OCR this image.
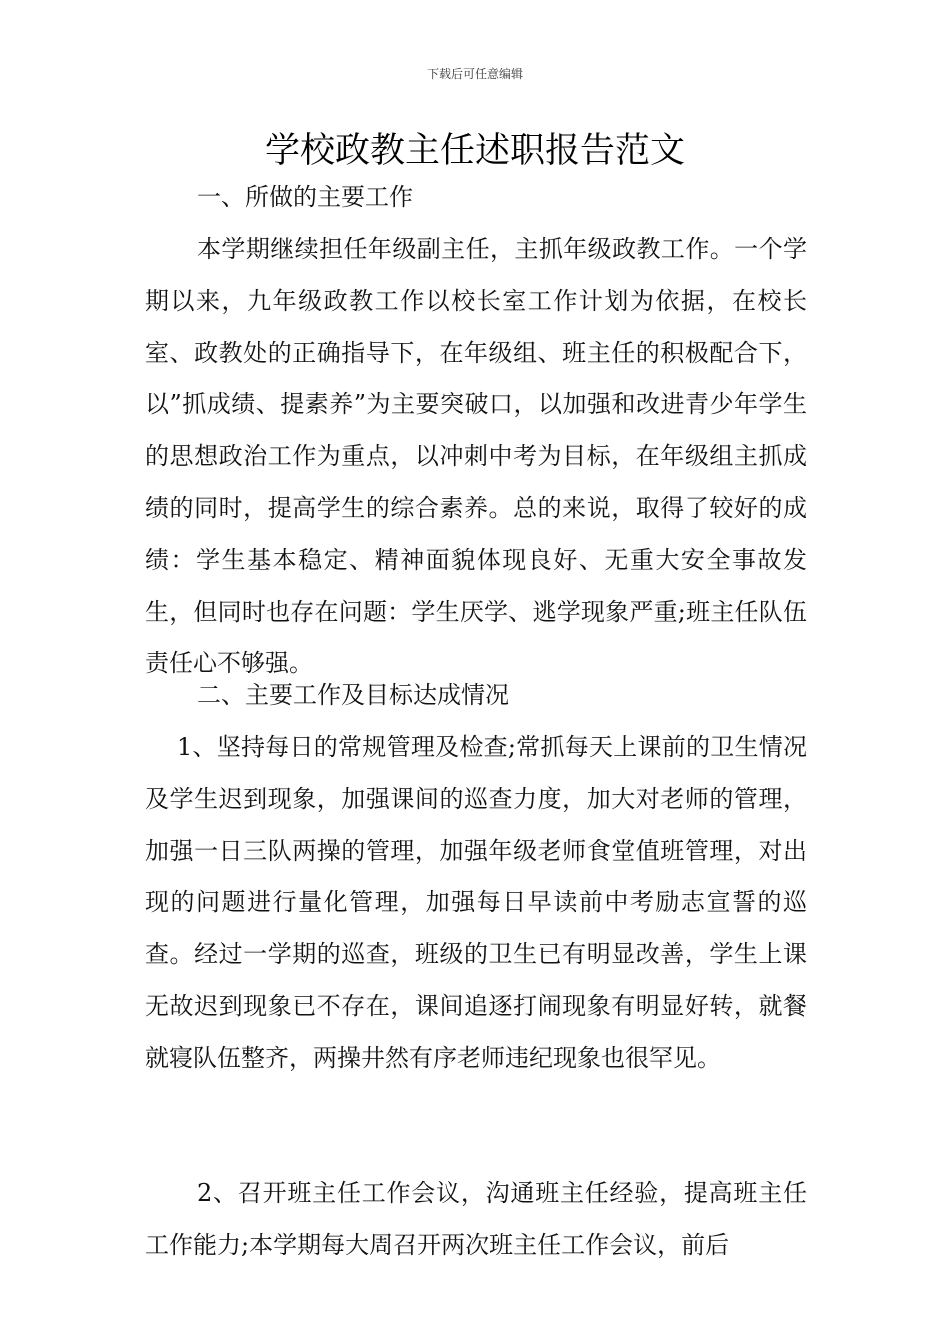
下载后可任意编辑
学校政教主任述职报告范文

一、所做的主要工作

本学期继续担任年级副主任，主抓年级政教工作。一个学期以来，九年级政教工作以校长室工作计划为依据，在校长室、政教处的正确指导下，在年级组、班主任的积极配合下，以”抓成绩、提素养”为主要突破口，以加强和改进青少年学生的思想政治工作为重点，以冲刺中考为目标，在年级组主抓成绩的同时，提高学生的综合素养。总的来说，取得了较好的成绩：学生基本稳定、精神面貌体现良好、无重大安全事故发生，但同时也存在问题：学生厌学、逃学现象严重;班主任队伍责任心不够强。

二、主要工作及目标达成情况

1、坚持每日的常规管理及检查;常抓每天上课前的卫生情况及学生迟到现象，加强课间的巡查力度，加大对老师的管理，加强一日三队两操的管理，加强年级老师食堂值班管理，对出现的问题进行量化管理，加强每日早读前中考励志宣誓的巡查。经过一学期的巡查，班级的卫生已有明显改善，学生上课无故迟到现象已不存在，课间追逐打闹现象有明显好转，就餐就寝队伍整齐，两操井然有序老师违纪现象也很罕见。

2、召开班主任工作会议，沟通班主任经验，提高班主任工作能力;本学期每大周召开两次班主任工作会议，前后
